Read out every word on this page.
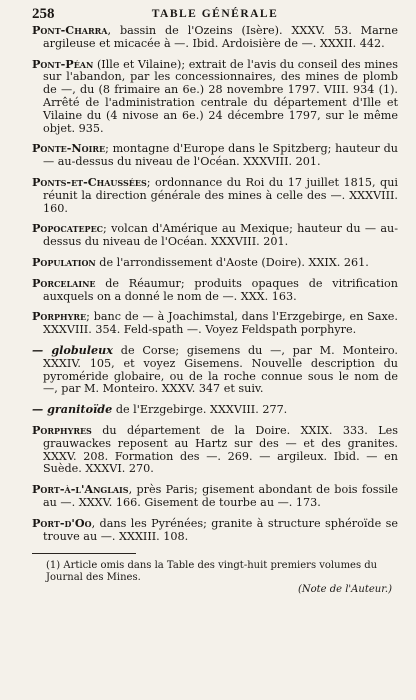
258	TABLE GÉNÉRALE

Pont-Charra, bassin de l'Ozeins (Isère). XXXV. 53. Marne argileuse et micacée à —. Ibid. Ardoisière de —. XXXII. 442.

Pont-Péan (Ille et Vilaine); extrait de l'avis du conseil des mines sur l'abandon, par les concessionnaires, des mines de plomb de —, du (8 frimaire an 6e.) 28 novembre 1797. VIII. 934 (1). Arrêté de l'administration centrale du département d'Ille et Vilaine du (4 nivose an 6e.) 24 décembre 1797, sur le même objet. 935.

Ponte-Noire; montagne d'Europe dans le Spitzberg; hauteur du — au-dessus du niveau de l'Océan. XXXVIII. 201.

Ponts-et-Chaussées; ordonnance du Roi du 17 juillet 1815, qui réunit la direction générale des mines à celle des —. XXXVIII. 160.

Popocatepec; volcan d'Amérique au Mexique; hauteur du — au-dessus du niveau de l'Océan. XXXVIII. 201.

Population de l'arrondissement d'Aoste (Doire). XXIX. 261.

Porcelaine de Réaumur; produits opaques de vitrification auxquels on a donné le nom de —. XXX. 163.

Porphyre; banc de — à Joachimstal, dans l'Erzgebirge, en Saxe. XXXVIII. 354. Feld-spath —. Voyez Feldspath porphyre.

— globuleux de Corse; gisemens du —, par M. Monteiro. XXXIV. 105, et voyez Gisemens. Nouvelle description du pyroméride globaire, ou de la roche connue sous le nom de —, par M. Monteiro. XXXV. 347 et suiv.

— granitoïde de l'Erzgebirge. XXXVIII. 277.

Porphyres du département de la Doire. XXIX. 333. Les grauwackes reposent au Hartz sur des — et des granites. XXXV. 208. Formation des —. 269. — argileux. Ibid. — en Suède. XXXVI. 270.

Port-à-l'Anglais, près Paris; gisement abondant de bois fossile au —. XXXV. 166. Gisement de tourbe au —. 173.

Port-d'Oo, dans les Pyrénées; granite à structure sphéroïde se trouve au —. XXXIII. 108.

(1) Article omis dans la Table des vingt-huit premiers volumes du Journal des Mines.
(Note de l'Auteur.)
